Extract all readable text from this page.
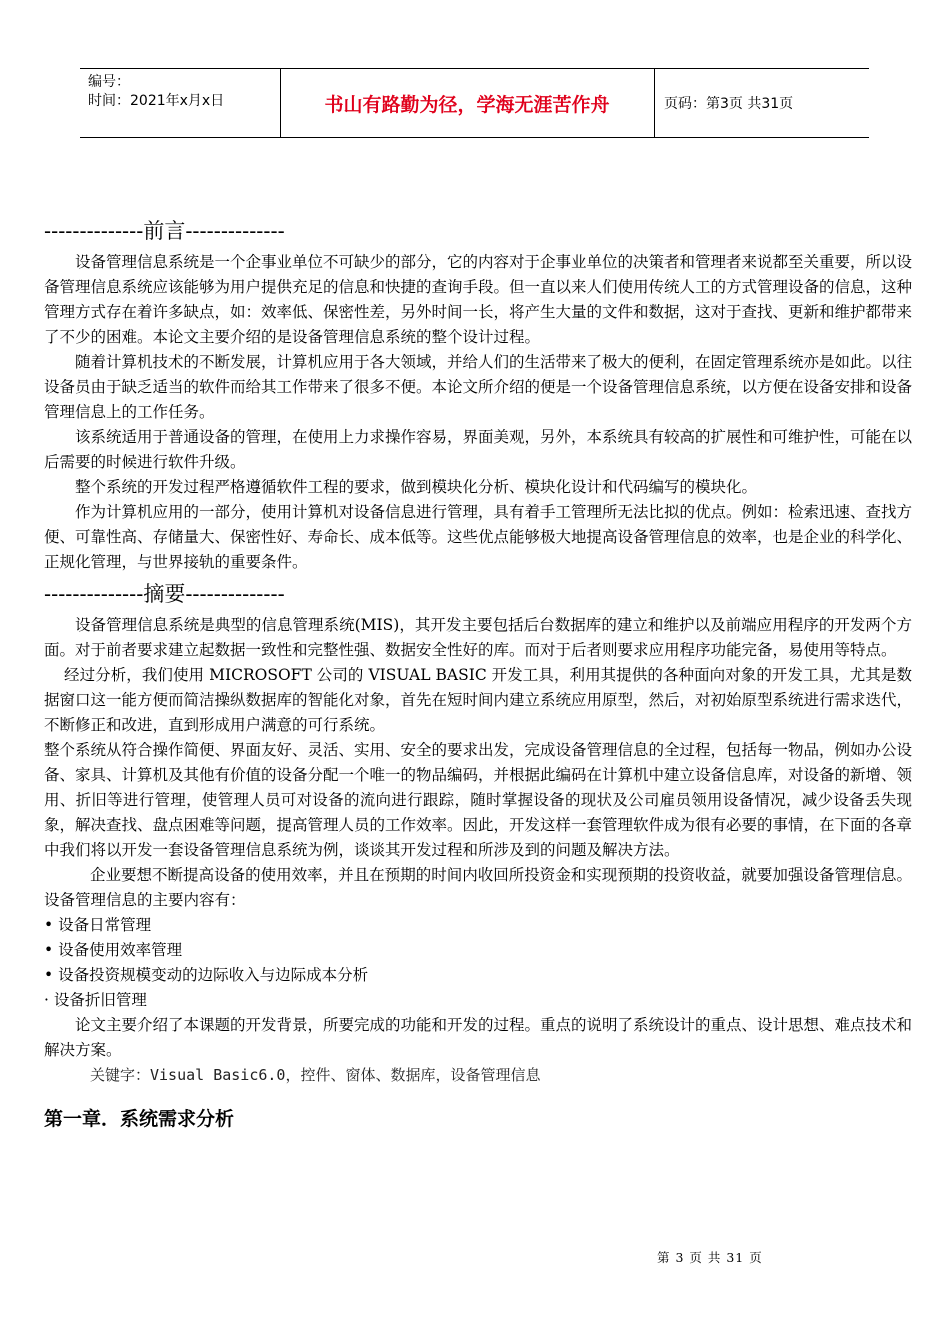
编号：
时间：2021年x月x日	书山有路勤为径，学海无涯苦作舟	页码：第3页 共31页
--------------前言--------------

设备管理信息系统是一个企事业单位不可缺少的部分，它的内容对于企事业单位的决策者和管理者来说都至关重要，所以设备管理信息系统应该能够为用户提供充足的信息和快捷的查询手段。但一直以来人们使用传统人工的方式管理设备的信息，这种管理方式存在着许多缺点，如：效率低、保密性差，另外时间一长，将产生大量的文件和数据，这对于查找、更新和维护都带来了不少的困难。本论文主要介绍的是设备管理信息系统的整个设计过程。

随着计算机技术的不断发展，计算机应用于各大领域，并给人们的生活带来了极大的便利，在固定管理系统亦是如此。以往设备员由于缺乏适当的软件而给其工作带来了很多不便。本论文所介绍的便是一个设备管理信息系统，以方便在设备安排和设备管理信息上的工作任务。

该系统适用于普通设备的管理，在使用上力求操作容易，界面美观，另外，本系统具有较高的扩展性和可维护性，可能在以后需要的时候进行软件升级。

整个系统的开发过程严格遵循软件工程的要求，做到模块化分析、模块化设计和代码编写的模块化。

作为计算机应用的一部分，使用计算机对设备信息进行管理，具有着手工管理所无法比拟的优点。例如：检索迅速、查找方便、可靠性高、存储量大、保密性好、寿命长、成本低等。这些优点能够极大地提高设备管理信息的效率，也是企业的科学化、正规化管理，与世界接轨的重要条件。

--------------摘要--------------

设备管理信息系统是典型的信息管理系统(MIS)，其开发主要包括后台数据库的建立和维护以及前端应用程序的开发两个方面。对于前者要求建立起数据一致性和完整性强、数据安全性好的库。而对于后者则要求应用程序功能完备，易使用等特点。

经过分析，我们使用 MICROSOFT 公司的 VISUAL BASIC 开发工具，利用其提供的各种面向对象的开发工具，尤其是数据窗口这一能方便而简洁操纵数据库的智能化对象，首先在短时间内建立系统应用原型，然后，对初始原型系统进行需求迭代，不断修正和改进，直到形成用户满意的可行系统。

整个系统从符合操作简便、界面友好、灵活、实用、安全的要求出发，完成设备管理信息的全过程，包括每一物品，例如办公设备、家具、计算机及其他有价值的设备分配一个唯一的物品编码，并根据此编码在计算机中建立设备信息库，对设备的新增、领用、折旧等进行管理，使管理人员可对设备的流向进行跟踪，随时掌握设备的现状及公司雇员领用设备情况，减少设备丢失现象，解决查找、盘点困难等问题，提高管理人员的工作效率。因此，开发这样一套管理软件成为很有必要的事情，在下面的各章中我们将以开发一套设备管理信息系统为例，谈谈其开发过程和所涉及到的问题及解决方法。

企业要想不断提高设备的使用效率，并且在预期的时间内收回所投资金和实现预期的投资收益，就要加强设备管理信息。设备管理信息的主要内容有：

• 设备日常管理
• 设备使用效率管理
• 设备投资规模变动的边际收入与边际成本分析
· 设备折旧管理

论文主要介绍了本课题的开发背景，所要完成的功能和开发的过程。重点的说明了系统设计的重点、设计思想、难点技术和解决方案。

关键字：Visual Basic6.0，控件、窗体、数据库，设备管理信息
第一章．系统需求分析
第 3 页 共 31 页
